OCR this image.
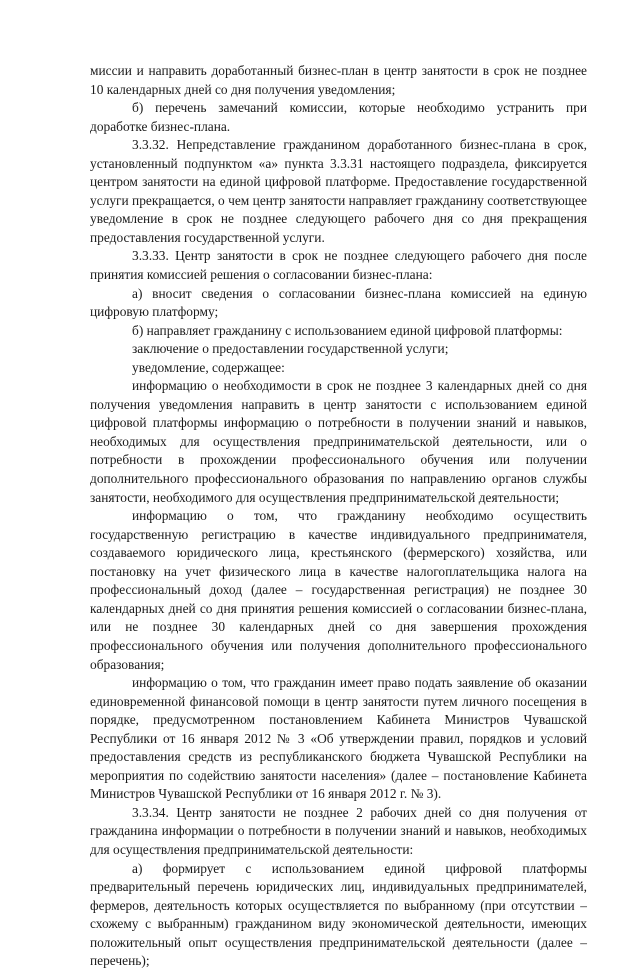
миссии и направить доработанный бизнес-план в центр занятости в срок не позднее 10 календарных дней со дня получения уведомления;

б) перечень замечаний комиссии, которые необходимо устранить при доработке бизнес-плана.

3.3.32. Непредставление гражданином доработанного бизнес-плана в срок, установленный подпунктом «а» пункта 3.3.31 настоящего подраздела, фиксируется центром занятости на единой цифровой платформе. Предоставление государственной услуги прекращается, о чем центр занятости направляет гражданину соответствующее уведомление в срок не позднее следующего рабочего дня со дня прекращения предоставления государственной услуги.

3.3.33. Центр занятости в срок не позднее следующего рабочего дня после принятия комиссией решения о согласовании бизнес-плана:

а) вносит сведения о согласовании бизнес-плана комиссией на единую цифровую платформу;

б) направляет гражданину с использованием единой цифровой платформы:

заключение о предоставлении государственной услуги;

уведомление, содержащее:

информацию о необходимости в срок не позднее 3 календарных дней со дня получения уведомления направить в центр занятости с использованием единой цифровой платформы информацию о потребности в получении знаний и навыков, необходимых для осуществления предпринимательской деятельности, или о потребности в прохождении профессионального обучения или получении дополнительного профессионального образования по направлению органов службы занятости, необходимого для осуществления предпринимательской деятельности;

информацию о том, что гражданину необходимо осуществить государственную регистрацию в качестве индивидуального предпринимателя, создаваемого юридического лица, крестьянского (фермерского) хозяйства, или постановку на учет физического лица в качестве налогоплательщика налога на профессиональный доход (далее – государственная регистрация) не позднее 30 календарных дней со дня принятия решения комиссией о согласовании бизнес-плана, или не позднее 30 календарных дней со дня завершения прохождения профессионального обучения или получения дополнительного профессионального образования;

информацию о том, что гражданин имеет право подать заявление об оказании единовременной финансовой помощи в центр занятости путем личного посещения в порядке, предусмотренном постановлением Кабинета Министров Чувашской Республики от 16 января 2012 № 3 «Об утверждении правил, порядков и условий предоставления средств из республиканского бюджета Чувашской Республики на мероприятия по содействию занятости населения» (далее – постановление Кабинета Министров Чувашской Республики от 16 января 2012 г. № 3).

3.3.34. Центр занятости не позднее 2 рабочих дней со дня получения от гражданина информации о потребности в получении знаний и навыков, необходимых для осуществления предпринимательской деятельности:

а) формирует с использованием единой цифровой платформы предварительный перечень юридических лиц, индивидуальных предпринимателей, фермеров, деятельность которых осуществляется по выбранному (при отсутствии – схожему с выбранным) гражданином виду экономической деятельности, имеющих положительный опыт осуществления предпринимательской деятельности (далее – перечень);
